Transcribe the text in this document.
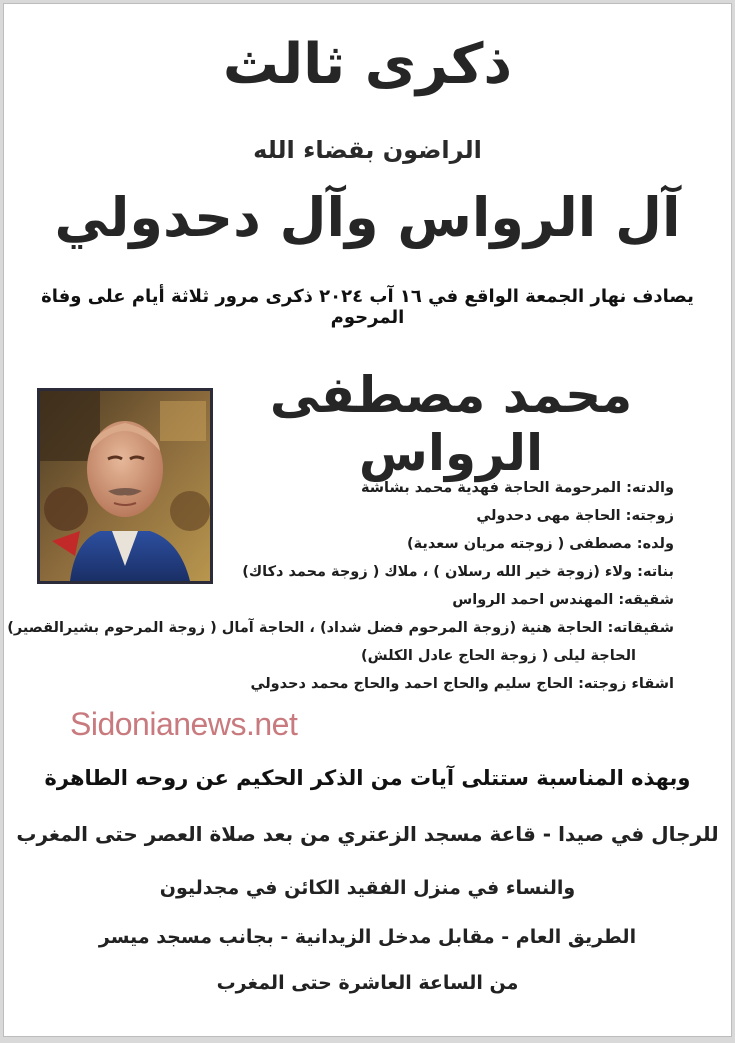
ذكرى ثالث
الراضون بقضاء الله
آل الرواس وآل دحدولي
يصادف نهار الجمعة الواقع في ١٦ آب ٢٠٢٤ ذكرى مرور ثلاثة أيام على وفاة المرحوم
محمد مصطفى الرواس
والدته: المرحومة الحاجة فهدية محمد بشاشة
زوجته: الحاجة مهى دحدولي
ولده: مصطفى ( زوجته مريان سعدية)
بناته: ولاء (زوجة خير الله رسلان ) ، ملاك ( زوجة محمد دكاك)
شقيقه: المهندس احمد الرواس
شقيقاته: الحاجة هنية (زوجة المرحوم فضل شداد) ، الحاجة آمال ( زوجة المرحوم بشيرالقصير)
الحاجة ليلى ( زوجة الحاج عادل الكلش)
اشقاء زوجته: الحاج سليم والحاج احمد والحاج محمد دحدولي
Sidonianews.net
وبهذه المناسبة ستتلى آيات من الذكر الحكيم عن روحه الطاهرة
للرجال في صيدا - قاعة مسجد الزعتري من بعد صلاة العصر حتى المغرب
والنساء في منزل الفقيد الكائن في مجدليون
الطريق العام - مقابل مدخل الزيدانية - بجانب مسجد ميسر
من الساعة العاشرة حتى المغرب
